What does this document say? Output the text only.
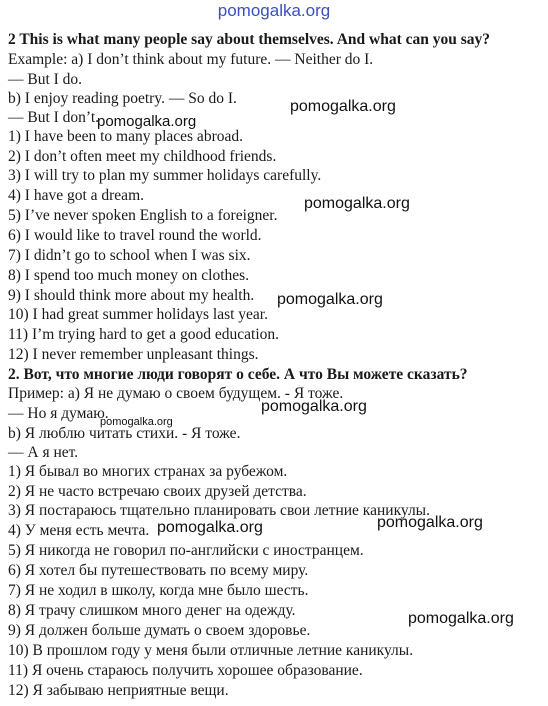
pomogalka.org
2 This is what many people say about themselves. And what can you say?
Example: a) I don’t think about my future. — Neither do I.
— But I do.
b) I enjoy reading poetry. — So do I.
— But I don’t.
1) I have been to many places abroad.
2) I don’t often meet my childhood friends.
3) I will try to plan my summer holidays carefully.
4) I have got a dream.
5) I’ve never spoken English to a foreigner.
6) I would like to travel round the world.
7) I didn’t go to school when I was six.
8) I spend too much money on clothes.
9) I should think more about my health.
10) I had great summer holidays last year.
11) I’m trying hard to get a good education.
12) I never remember unpleasant things.
2. Вот, что многие люди говорят о себе. А что Вы можете сказать?
Пример: а) Я не думаю о своем будущем. - Я тоже.
— Но я думаю.
b) Я люблю читать стихи. - Я тоже.
— А я нет.
1) Я бывал во многих странах за рубежом.
2) Я не часто встречаю своих друзей детства.
3) Я постараюсь тщательно планировать свои летние каникулы.
4) У меня есть мечта.
5) Я никогда не говорил по-английски с иностранцем.
6) Я хотел бы путешествовать по всему миру.
7) Я не ходил в школу, когда мне было шесть.
8) Я трачу слишком много денег на одежду.
9) Я должен больше думать о своем здоровье.
10) В прошлом году у меня были отличные летние каникулы.
11) Я очень стараюсь получить хорошее образование.
12) Я забываю неприятные вещи.
pomogalka.org
pomogalka.org
pomogalka.org
pomogalka.org
pomogalka.org
pomogalka.org
pomogalka.org	pomogalka.org
pomogalka.org
